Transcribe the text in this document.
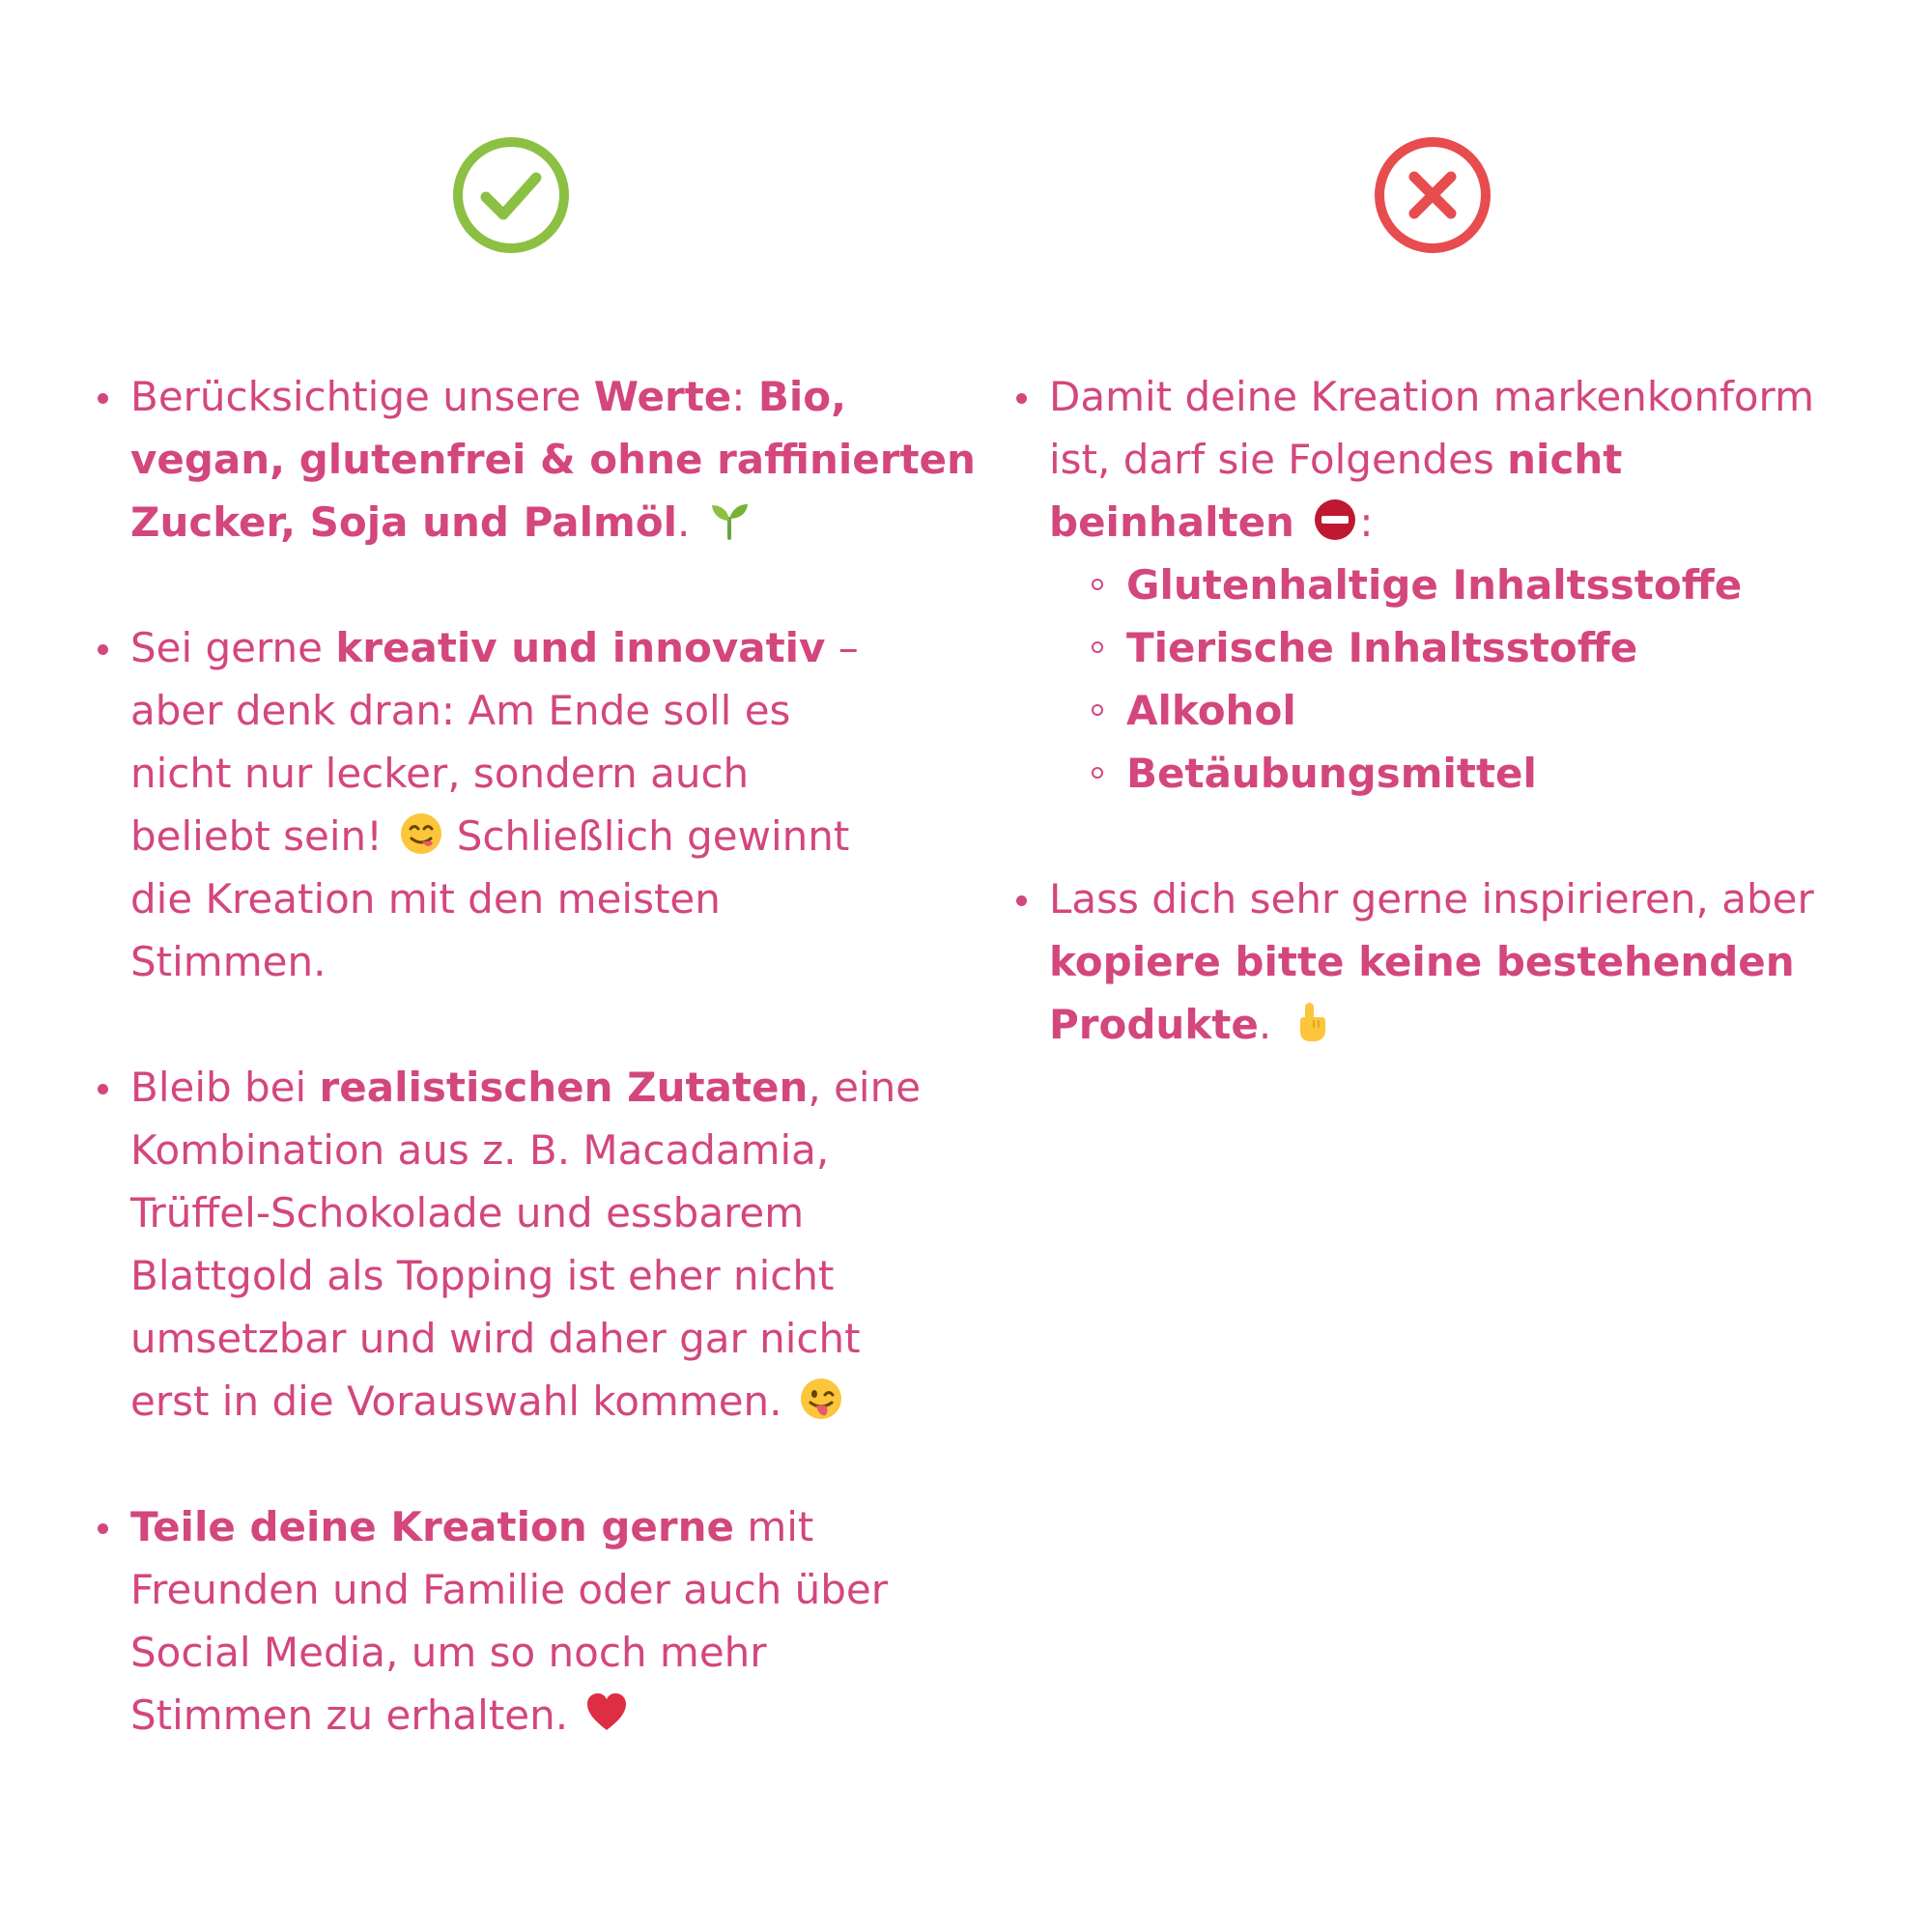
Berücksichtige unsere Werte: Bio,
vegan, glutenfrei & ohne raffinierten
Zucker, Soja und Palmöl.
Sei gerne kreativ und innovativ –
aber denk dran: Am Ende soll es
nicht nur lecker, sondern auch
beliebt sein!
Schließlich gewinnt
die Kreation mit den meisten
Stimmen.
Bleib bei realistischen Zutaten, eine
Kombination aus z. B. Macadamia,
Trüffel-Schokolade und essbarem
Blattgold als Topping ist eher nicht
umsetzbar und wird daher gar nicht
erst in die Vorauswahl kommen.
Teile deine Kreation gerne mit
Freunden und Familie oder auch über
Social Media, um so noch mehr
Stimmen zu erhalten.
Damit deine Kreation markenkonform
ist, darf sie Folgendes nicht
beinhalten :
Glutenhaltige Inhaltsstoffe
Tierische Inhaltsstoffe
Alkohol
Betäubungsmittel
Lass dich sehr gerne inspirieren, aber
kopiere bitte keine bestehenden
Produkte.
